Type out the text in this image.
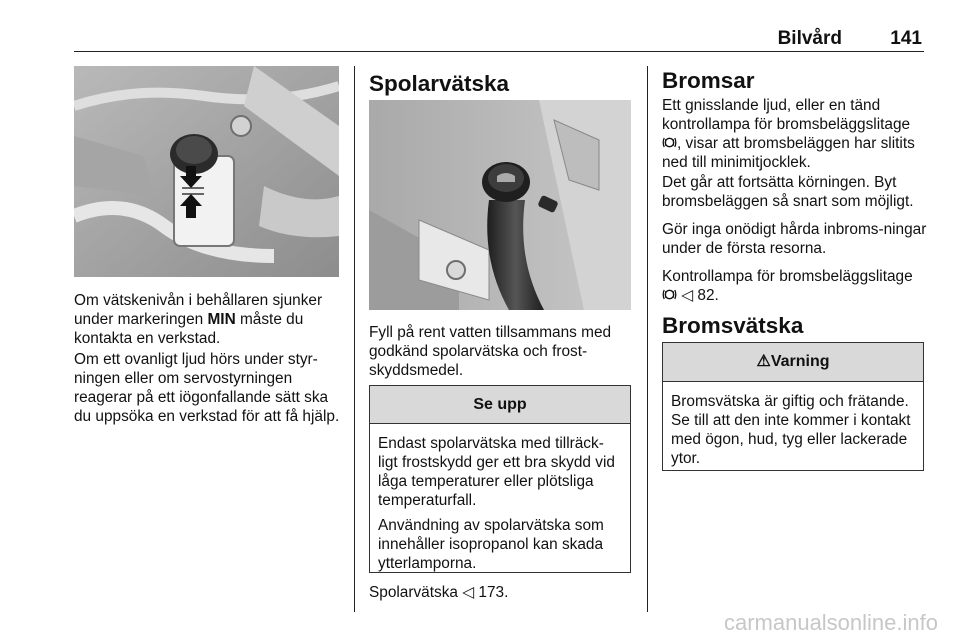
Bilvård	141

Om vätskenivån i behållaren sjunker under markeringen MIN måste du kontakta en verkstad.

Om ett ovanligt ljud hörs under styr-ningen eller om servostyrningen reagerar på ett iögonfallande sätt ska du uppsöka en verkstad för att få hjälp.

Spolarvätska

Fyll på rent vatten tillsammans med godkänd spolarvätska och frost-skyddsmedel.

Se upp

Endast spolarvätska med tillräck-ligt frostskydd ger ett bra skydd vid låga temperaturer eller plötsliga temperaturfall.

Användning av spolarvätska som innehåller isopropanol kan skada ytterlamporna.

Spolarvätska ◁ 173.

Bromsar

Ett gnisslande ljud, eller en tänd kontrollampa för bromsbeläggslitage , visar att bromsbeläggen har slitits ned till minimitjocklek.

Det går att fortsätta körningen. Byt bromsbeläggen så snart som möjligt.

Gör inga onödigt hårda inbroms-ningar under de första resorna.

Kontrollampa för bromsbeläggslitage
◁ 82.

Bromsvätska
⚠Varning

Bromsvätska är giftig och frätande. Se till att den inte kommer i kontakt med ögon, hud, tyg eller lackerade ytor.

carmanualsonline.info
